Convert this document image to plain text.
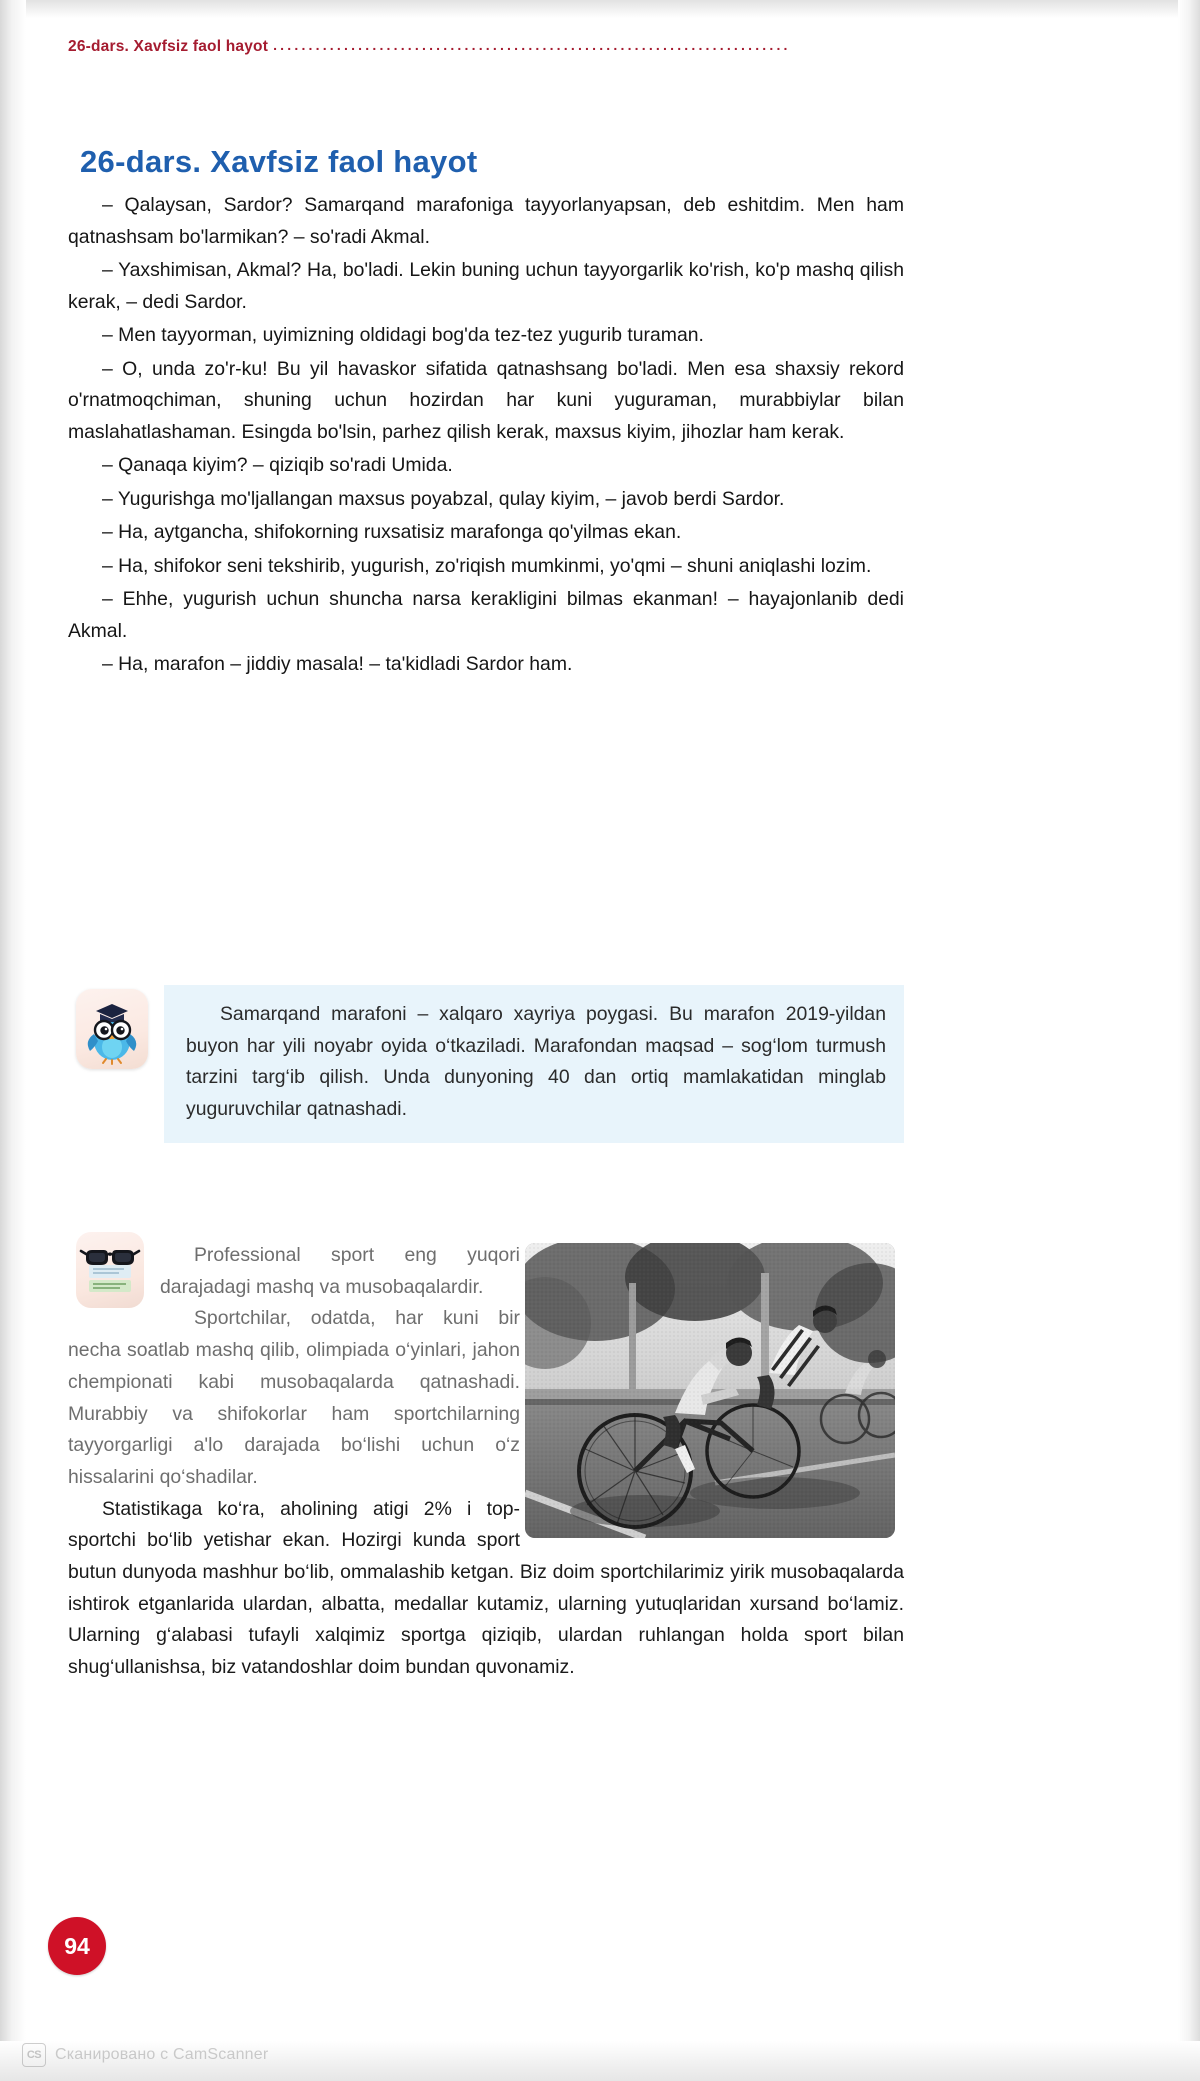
26-dars. Xavfsiz faol hayot .........................................................................
26-dars. Xavfsiz faol hayot

– Qalaysan, Sardor? Samarqand marafoniga tayyorlanyapsan, deb eshitdim. Men ham qatnashsam bo'larmikan? – so'radi Akmal.

– Yaxshimisan, Akmal? Ha, bo'ladi. Lekin buning uchun tayyorgarlik ko'rish, ko'p mashq qilish kerak, – dedi Sardor.

– Men tayyorman, uyimizning oldidagi bog'da tez-tez yugurib turaman.

– O, unda zo'r-ku! Bu yil havaskor sifatida qatnashsang bo'ladi. Men esa shaxsiy rekord o'rnatmoqchiman, shuning uchun hozirdan har kuni yuguraman, murabbiylar bilan maslahatlashaman. Esingda bo'lsin, parhez qilish kerak, maxsus kiyim, jihozlar ham kerak.

– Qanaqa kiyim? – qiziqib so'radi Umida.

– Yugurishga mo'ljallangan maxsus poyabzal, qulay kiyim, – javob berdi Sardor.

– Ha, aytgancha, shifokorning ruxsatisiz marafonga qo'yilmas ekan.

– Ha, shifokor seni tekshirib, yugurish, zo'riqish mumkinmi, yo'qmi – shuni aniqlashi lozim.

– Ehhe, yugurish uchun shuncha narsa kerakligini bilmas ekanman! – hayajonlanib dedi Akmal.

– Ha, marafon – jiddiy masala! – ta'kidladi Sardor ham.

Samarqand marafoni – xalqaro xayriya poygasi. Bu marafon 2019-yildan buyon har yili noyabr oyida o‘tkaziladi. Marafondan maqsad – sog‘lom turmush tarzini targ‘ib qilish. Unda dunyoning 40 dan ortiq mamlakatidan minglab yuguruvchilar qatnashadi.

Professional sport eng yuqori darajadagi mashq va musobaqalardir.

Sportchilar, odatda, har kuni bir necha soatlab mashq qilib, olimpiada o‘yinlari, jahon chempionati kabi musobaqalarda qatnashadi. Murabbiy va shifokorlar ham sportchilarning tayyorgarligi a'lo darajada bo‘lishi uchun o‘z hissalarini qo‘shadilar.

Statistikaga ko‘ra, aholining atigi 2% i top-sportchi bo‘lib yetishar ekan. Hozirgi kunda sport butun dunyoda mashhur bo‘lib, ommalashib ketgan. Biz doim sportchilarimiz yirik musobaqalarda ishtirok etganlarida ulardan, albatta, medallar kutamiz, ularning yutuqlaridan xursand bo‘lamiz. Ularning g‘alabasi tufayli xalqimiz sportga qiziqib, ulardan ruhlangan holda sport bilan shug‘ullanishsa, biz vatandoshlar doim bundan quvonamiz.

94
CS Сканировано с CamScanner
